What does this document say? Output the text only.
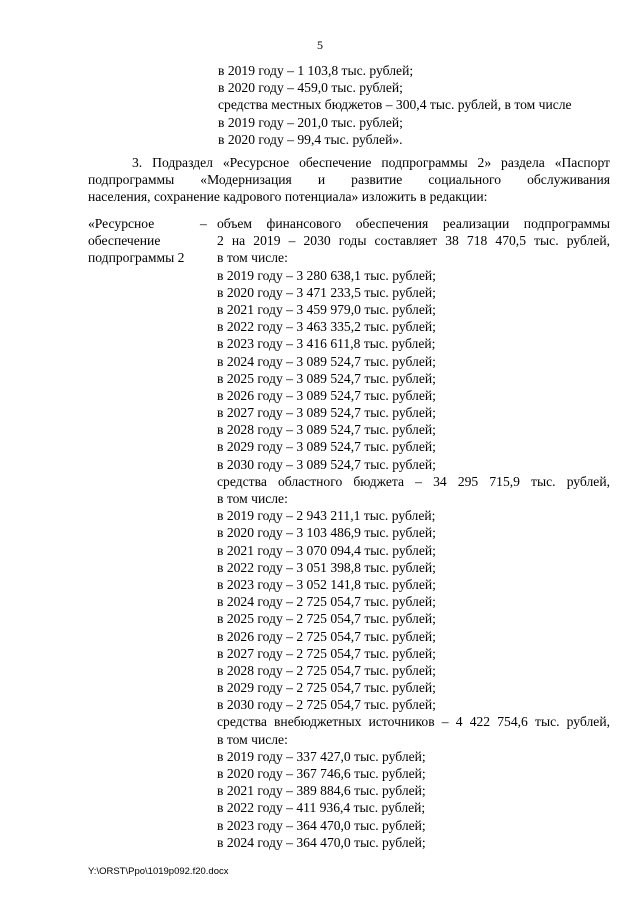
5
в 2019 году – 1 103,8 тыс. рублей;
в 2020 году – 459,0 тыс. рублей;
средства местных бюджетов – 300,4 тыс. рублей, в том числе
в 2019 году – 201,0 тыс. рублей;
в 2020 году – 99,4 тыс. рублей».
3. Подраздел «Ресурсное обеспечение подпрограммы 2» раздела «Паспорт
подпрограммы «Модернизация и развитие социального обслуживания
населения, сохранение кадрового потенциала» изложить в редакции:
«Ресурсное
обеспечение
подпрограммы 2
– объем финансового обеспечения реализации подпрограммы
2 на 2019 – 2030 годы составляет 38 718 470,5 тыс. рублей,
в том числе:
в 2019 году – 3 280 638,1 тыс. рублей;
в 2020 году – 3 471 233,5 тыс. рублей;
в 2021 году – 3 459 979,0 тыс. рублей;
в 2022 году – 3 463 335,2 тыс. рублей;
в 2023 году – 3 416 611,8 тыс. рублей;
в 2024 году – 3 089 524,7 тыс. рублей;
в 2025 году – 3 089 524,7 тыс. рублей;
в 2026 году – 3 089 524,7 тыс. рублей;
в 2027 году – 3 089 524,7 тыс. рублей;
в 2028 году – 3 089 524,7 тыс. рублей;
в 2029 году – 3 089 524,7 тыс. рублей;
в 2030 году – 3 089 524,7 тыс. рублей;
средства областного бюджета – 34 295 715,9 тыс. рублей,
в том числе:
в 2019 году – 2 943 211,1 тыс. рублей;
в 2020 году – 3 103 486,9 тыс. рублей;
в 2021 году – 3 070 094,4 тыс. рублей;
в 2022 году – 3 051 398,8 тыс. рублей;
в 2023 году – 3 052 141,8 тыс. рублей;
в 2024 году – 2 725 054,7 тыс. рублей;
в 2025 году – 2 725 054,7 тыс. рублей;
в 2026 году – 2 725 054,7 тыс. рублей;
в 2027 году – 2 725 054,7 тыс. рублей;
в 2028 году – 2 725 054,7 тыс. рублей;
в 2029 году – 2 725 054,7 тыс. рублей;
в 2030 году – 2 725 054,7 тыс. рублей;
средства внебюджетных источников – 4 422 754,6 тыс. рублей,
в том числе:
в 2019 году – 337 427,0 тыс. рублей;
в 2020 году – 367 746,6 тыс. рублей;
в 2021 году – 389 884,6 тыс. рублей;
в 2022 году – 411 936,4 тыс. рублей;
в 2023 году – 364 470,0 тыс. рублей;
в 2024 году – 364 470,0 тыс. рублей;
Y:\ORST\Ppo\1019p092.f20.docx
